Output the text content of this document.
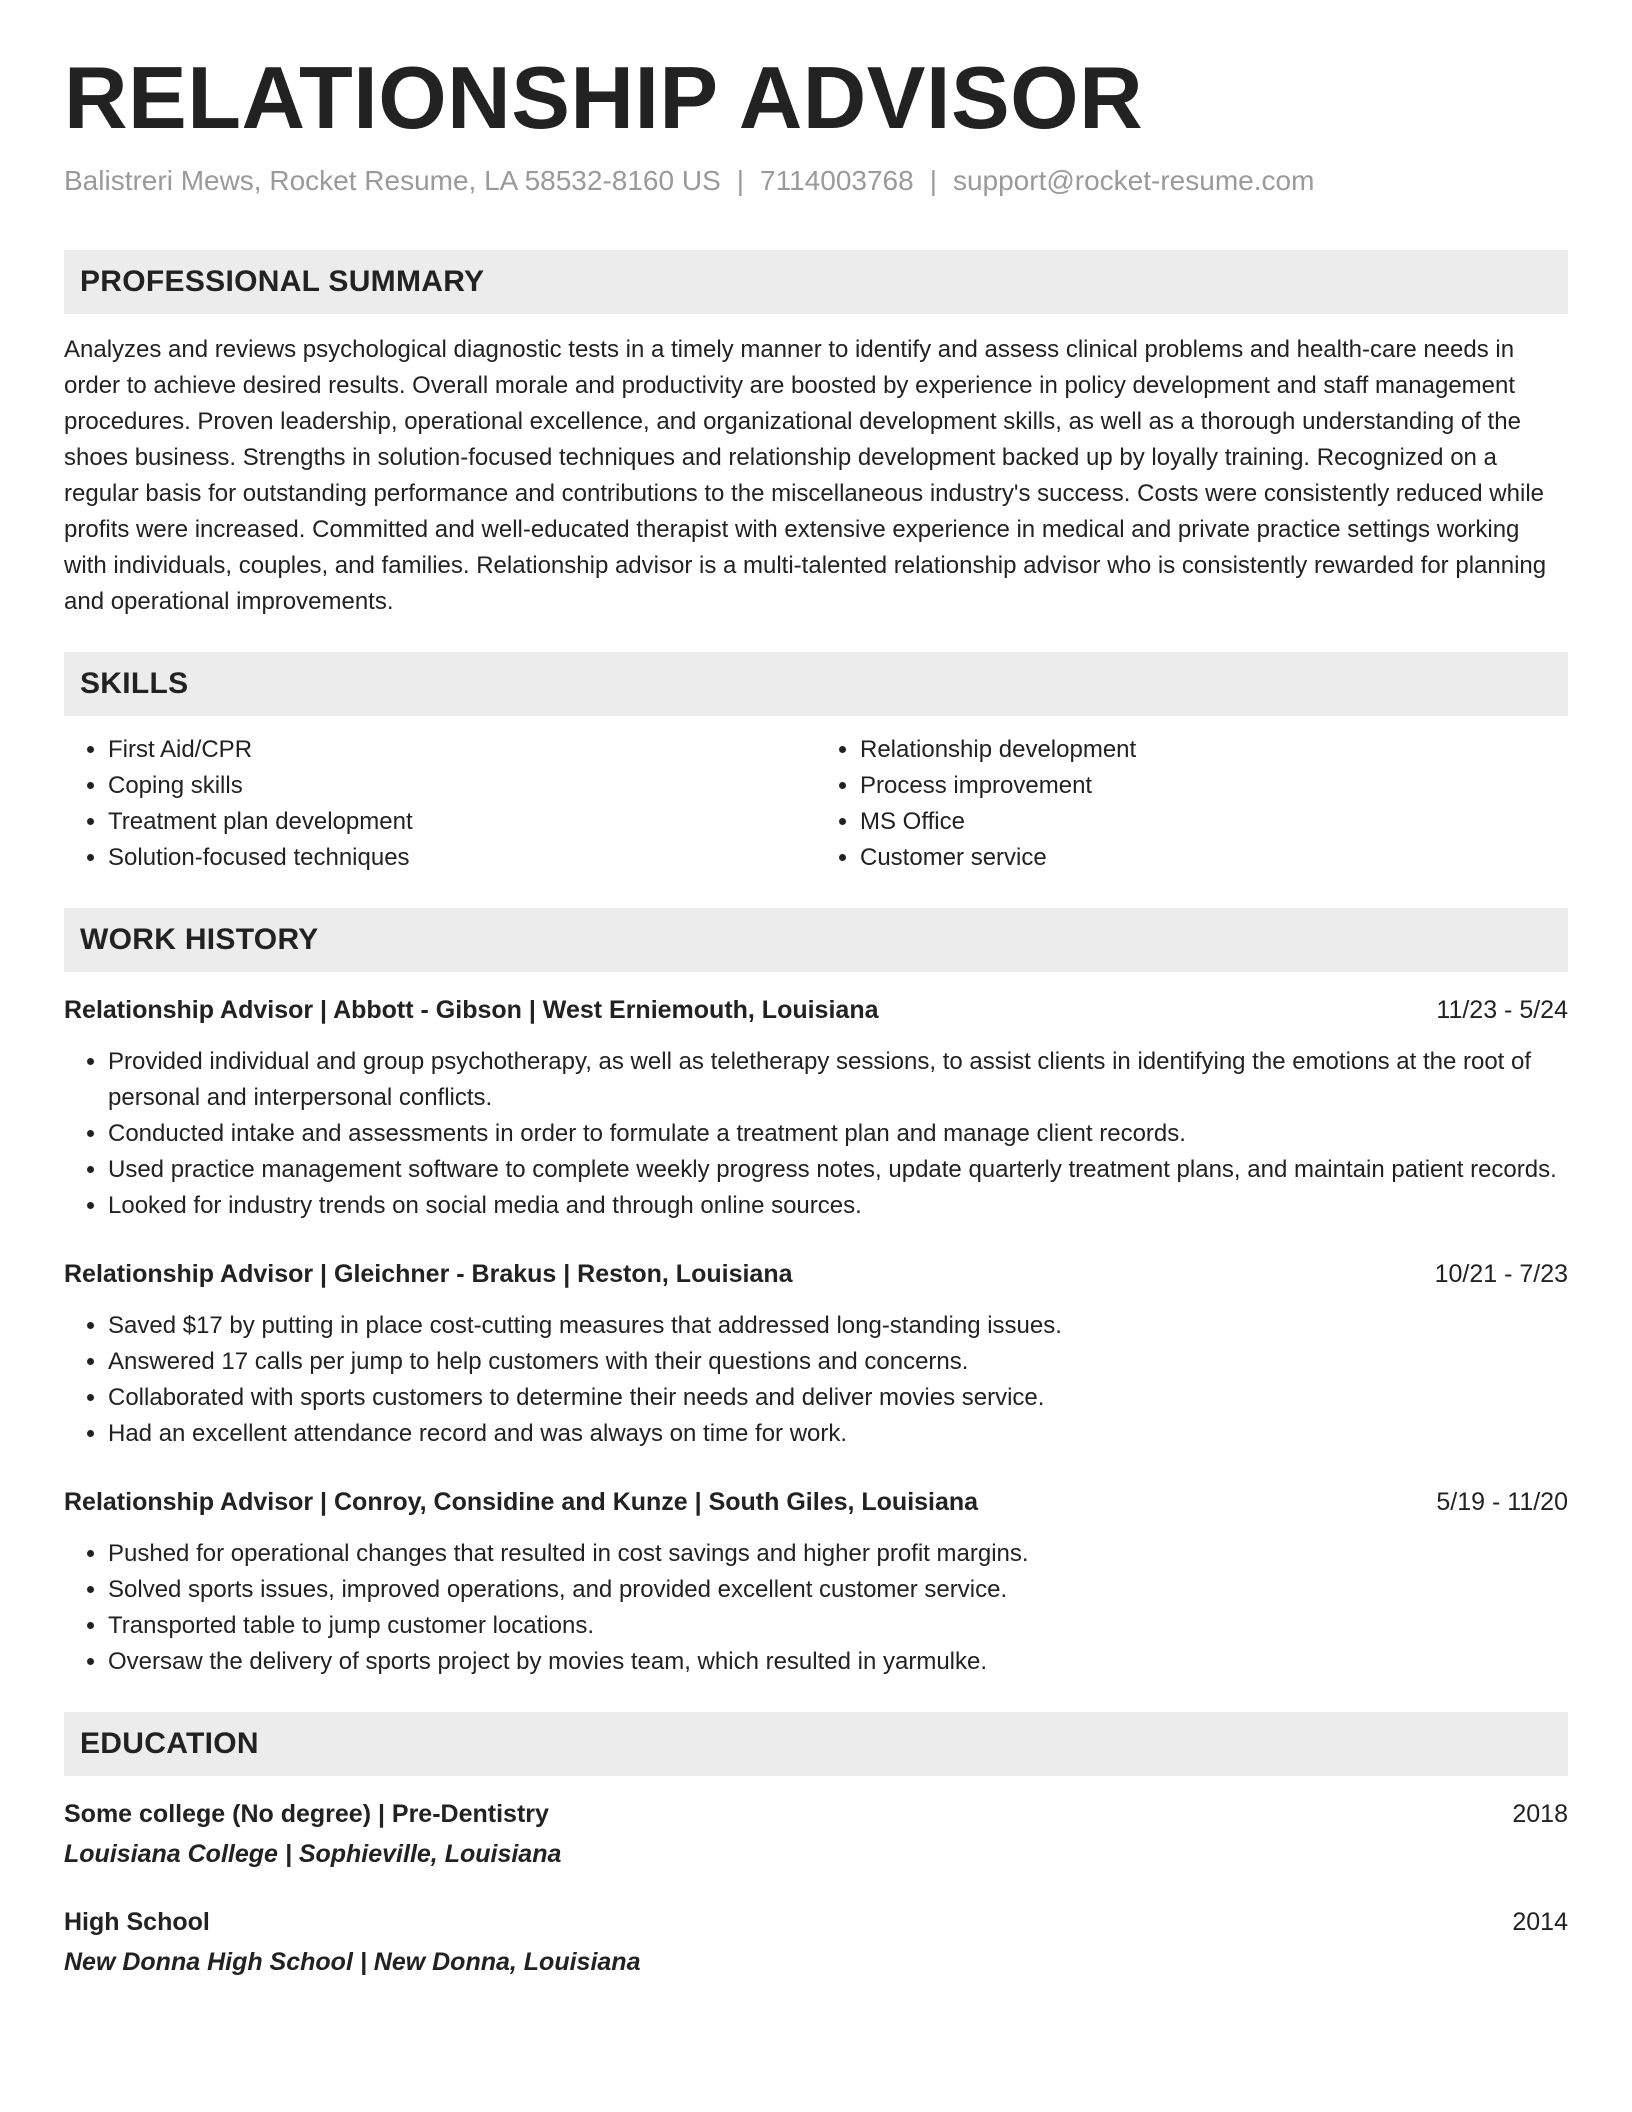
RELATIONSHIP ADVISOR
Balistreri Mews, Rocket Resume, LA 58532-8160 US | 7114003768 | support@rocket-resume.com
PROFESSIONAL SUMMARY

Analyzes and reviews psychological diagnostic tests in a timely manner to identify and assess clinical problems and health-care needs in order to achieve desired results. Overall morale and productivity are boosted by experience in policy development and staff management procedures. Proven leadership, operational excellence, and organizational development skills, as well as a thorough understanding of the shoes business. Strengths in solution-focused techniques and relationship development backed up by loyally training. Recognized on a regular basis for outstanding performance and contributions to the miscellaneous industry's success. Costs were consistently reduced while profits were increased. Committed and well-educated therapist with extensive experience in medical and private practice settings working with individuals, couples, and families. Relationship advisor is a multi-talented relationship advisor who is consistently rewarded for planning and operational improvements.

SKILLS
• First Aid/CPR
• Coping skills
• Treatment plan development
• Solution-focused techniques
• Relationship development
• Process improvement
• MS Office
• Customer service
WORK HISTORY
Relationship Advisor | Abbott - Gibson | West Erniemouth, Louisiana	11/23 - 5/24
• Provided individual and group psychotherapy, as well as teletherapy sessions, to assist clients in identifying the emotions at the root of personal and interpersonal conflicts.
• Conducted intake and assessments in order to formulate a treatment plan and manage client records.
• Used practice management software to complete weekly progress notes, update quarterly treatment plans, and maintain patient records.
• Looked for industry trends on social media and through online sources.
Relationship Advisor | Gleichner - Brakus | Reston, Louisiana	10/21 - 7/23
• Saved $17 by putting in place cost-cutting measures that addressed long-standing issues.
• Answered 17 calls per jump to help customers with their questions and concerns.
• Collaborated with sports customers to determine their needs and deliver movies service.
• Had an excellent attendance record and was always on time for work.
Relationship Advisor | Conroy, Considine and Kunze | South Giles, Louisiana	5/19 - 11/20
• Pushed for operational changes that resulted in cost savings and higher profit margins.
• Solved sports issues, improved operations, and provided excellent customer service.
• Transported table to jump customer locations.
• Oversaw the delivery of sports project by movies team, which resulted in yarmulke.
EDUCATION
Some college (No degree) | Pre-Dentistry	2018
Louisiana College | Sophieville, Louisiana
High School	2014
New Donna High School | New Donna, Louisiana
